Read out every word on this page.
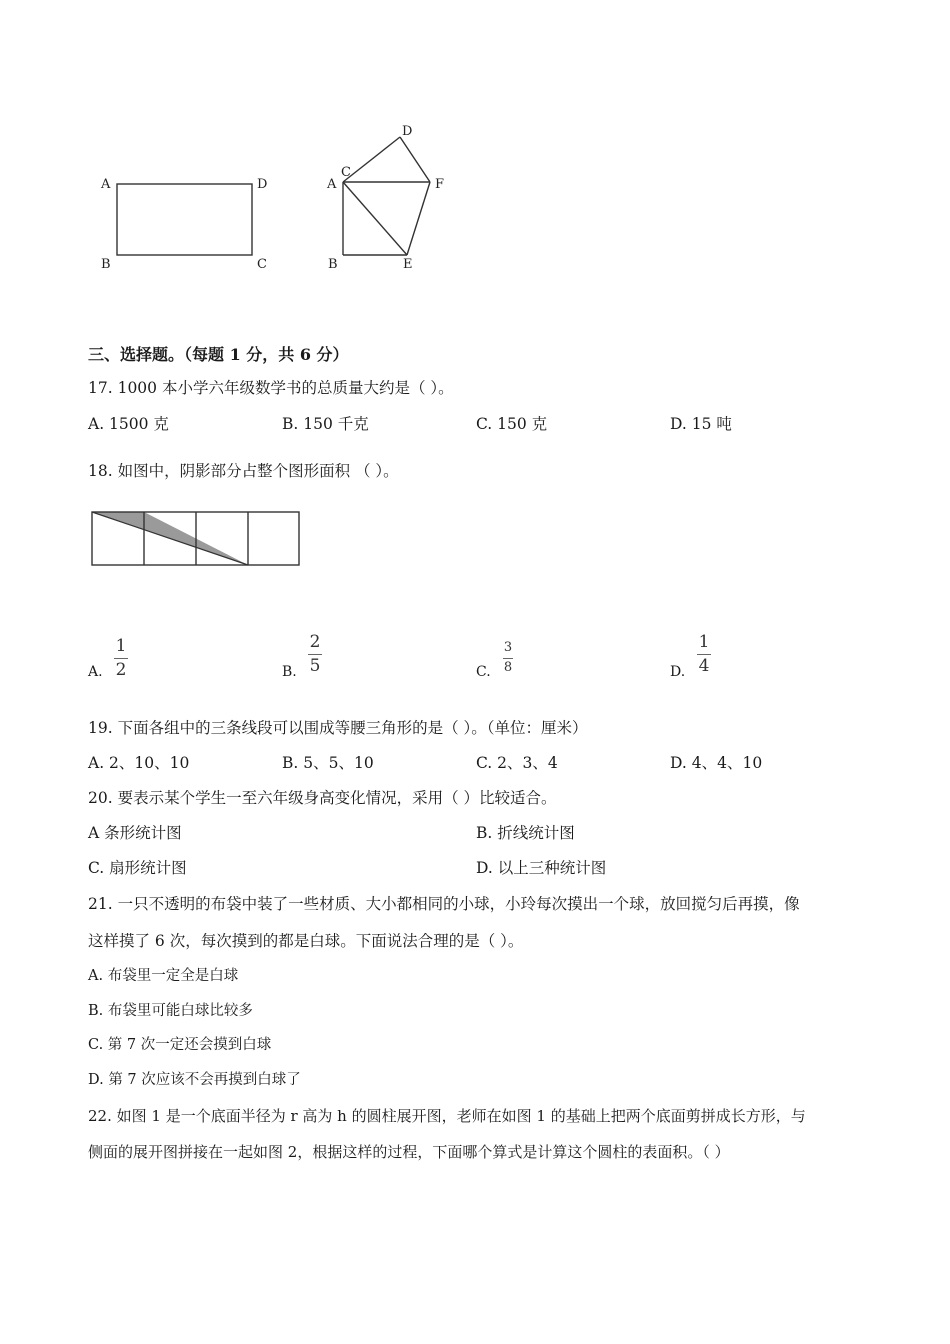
A	D
B	C
D
C
A	F
B	E
三、选择题。（每题 1 分，共 6 分）
17. 1000 本小学六年级数学书的总质量大约是（ ）。
A. 1500 克	B. 150 千克	C. 150 克	D. 15 吨
18. 如图中，阴影部分占整个图形面积 （ ）。
A.
1
2	B.
2
5	C.
3
8	D.
1
4
19. 下面各组中的三条线段可以围成等腰三角形的是（ ）。（单位：厘米）
A. 2、10、10	B. 5、5、10	C. 2、3、4	D. 4、4、10
20. 要表示某个学生一至六年级身高变化情况，采用（ ）比较适合。
A 条形统计图	B. 折线统计图
C. 扇形统计图	D. 以上三种统计图
21. 一只不透明的布袋中装了一些材质、大小都相同的小球，小玲每次摸出一个球，放回搅匀后再摸，像
这样摸了 6 次，每次摸到的都是白球。下面说法合理的是（ ）。
A. 布袋里一定全是白球
B. 布袋里可能白球比较多
C. 第 7 次一定还会摸到白球
D. 第 7 次应该不会再摸到白球了
22. 如图 1 是一个底面半径为 r 高为 h 的圆柱展开图，老师在如图 1 的基础上把两个底面剪拼成长方形，与
侧面的展开图拼接在一起如图 2，根据这样的过程，下面哪个算式是计算这个圆柱的表面积。（ ）
